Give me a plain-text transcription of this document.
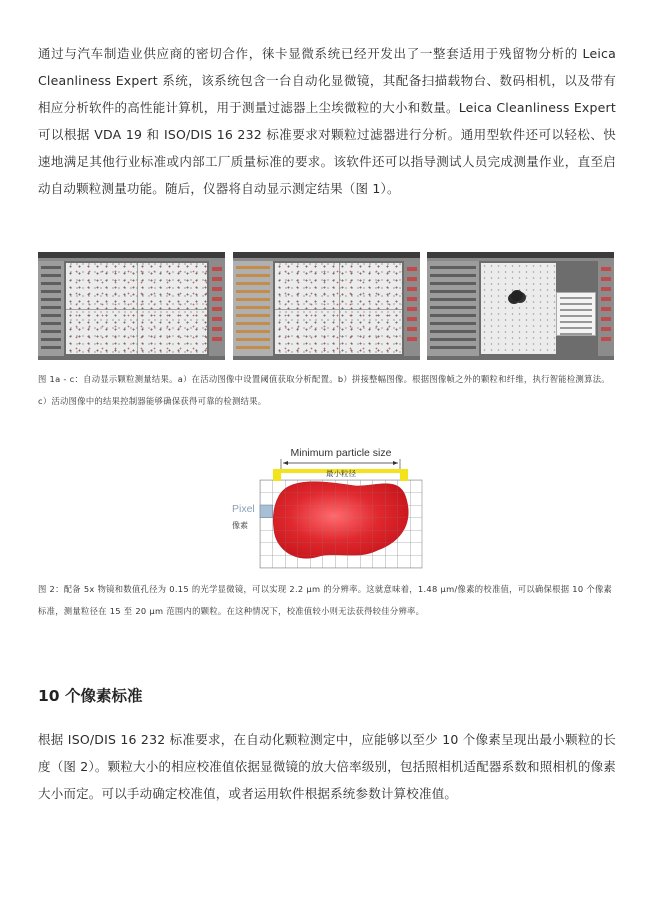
通过与汽车制造业供应商的密切合作，徕卡显微系统已经开发出了一整套适用于残留物分析的 Leica Cleanliness Expert 系统，该系统包含一台自动化显微镜，其配备扫描载物台、数码相机，以及带有相应分析软件的高性能计算机，用于测量过滤器上尘埃微粒的大小和数量。Leica Cleanliness Expert 可以根据 VDA 19 和 ISO/DIS 16 232 标准要求对颗粒过滤器进行分析。通用型软件还可以轻松、快速地满足其他行业标准或内部工厂质量标准的要求。该软件还可以指导测试人员完成测量作业，直至启动自动颗粒测量功能。随后，仪器将自动显示测定结果（图 1）。

图 1a - c：自动显示颗粒测量结果。a）在活动图像中设置阈值获取分析配置。b）拼接整幅图像。根据图像帧之外的颗粒和纤维，执行智能检测算法。c）活动图像中的结果控制器能够确保获得可靠的检测结果。

Minimum particle size
最小粒径
Pixel
像素

图 2：配备 5x 物镜和数值孔径为 0.15 的光学显微镜，可以实现 2.2 µm 的分辨率。这就意味着，1.48 µm/像素的校准值，可以确保根据 10 个像素标准，测量粒径在 15 至 20 µm 范围内的颗粒。在这种情况下，校准值较小则无法获得较佳分辨率。

10 个像素标准

根据 ISO/DIS 16 232 标准要求，在自动化颗粒测定中，应能够以至少 10 个像素呈现出最小颗粒的长度（图 2）。颗粒大小的相应校准值依据显微镜的放大倍率级别，包括照相机适配器系数和照相机的像素大小而定。可以手动确定校准值，或者运用软件根据系统参数计算校准值。
